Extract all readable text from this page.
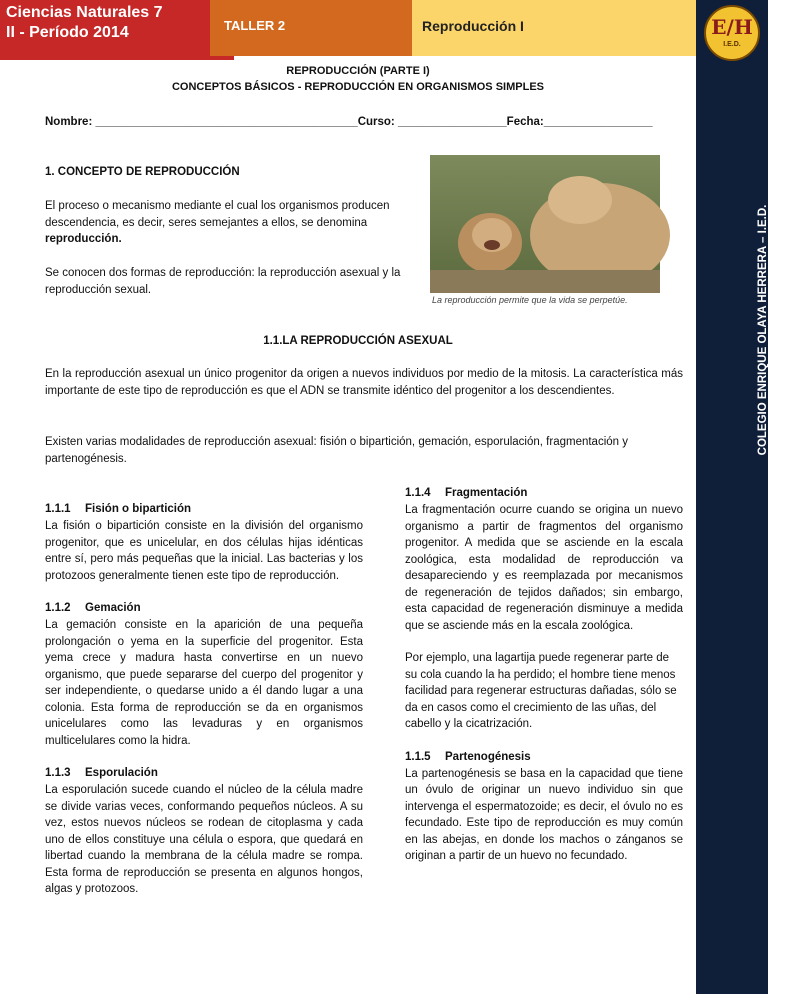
Ciencias Naturales 7
II - Período 2014	TALLER 2	Reproducción I	E/H
I.E.D.
COLEGIO ENRIQUE OLAYA HERRERA – I.E.D. ÁREA DE CIENCIAS NATURALES – JORNADA DE LA MAÑANA Docente: Ricardo Rodríguez Salamanca
REPRODUCCIÓN (PARTE I)
CONCEPTOS BÁSICOS - REPRODUCCIÓN EN ORGANISMOS SIMPLES
Nombre: _________________________________________Curso: _________________Fecha:_________________
1. CONCEPTO DE REPRODUCCIÓN
El proceso o mecanismo mediante el cual los organismos producen descendencia, es decir, seres semejantes a ellos, se denomina reproducción.
Se conocen dos formas de reproducción: la reproducción asexual y la reproducción sexual.
La reproducción permite que la vida se perpetúe.
1.1.LA REPRODUCCIÓN ASEXUAL
En la reproducción asexual un único progenitor da origen a nuevos individuos por medio de la mitosis. La característica más importante de este tipo de reproducción es que el ADN se transmite idéntico del progenitor a los descendientes.
Existen varias modalidades de reproducción asexual: fisión o bipartición, gemación, esporulación, fragmentación y partenogénesis.
1.1.1 Fisión o bipartición

La fisión o bipartición consiste en la división del organismo progenitor, que es unicelular, en dos células hijas idénticas entre sí, pero más pequeñas que la inicial. Las bacterias y los protozoos generalmente tienen este tipo de reproducción.

1.1.2 Gemación

La gemación consiste en la aparición de una pequeña prolongación o yema en la superficie del progenitor. Esta yema crece y madura hasta convertirse en un nuevo organismo, que puede separarse del cuerpo del progenitor y ser independiente, o quedarse unido a él dando lugar a una colonia. Esta forma de reproducción se da en organismos unicelulares como las levaduras y en organismos multicelulares como la hidra.

1.1.3 Esporulación

La esporulación sucede cuando el núcleo de la célula madre se divide varias veces, conformando pequeños núcleos. A su vez, estos nuevos núcleos se rodean de citoplasma y cada uno de ellos constituye una célula o espora, que quedará en libertad cuando la membrana de la célula madre se rompa. Esta forma de reproducción se presenta en algunos hongos, algas y protozoos.

1.1.4 Fragmentación

La fragmentación ocurre cuando se origina un nuevo organismo a partir de fragmentos del organismo progenitor. A medida que se asciende en la escala zoológica, esta modalidad de reproducción va desapareciendo y es reemplazada por mecanismos de regeneración de tejidos dañados; sin embargo, esta capacidad de regeneración disminuye a medida que se asciende más en la escala zoológica.

Por ejemplo, una lagartija puede regenerar parte de su cola cuando la ha perdido; el hombre tiene menos facilidad para regenerar estructuras dañadas, sólo se da en casos como el crecimiento de las uñas, del cabello y la cicatrización.

1.1.5 Partenogénesis

La partenogénesis se basa en la capacidad que tiene un óvulo de originar un nuevo individuo sin que intervenga el espermatozoide; es decir, el óvulo no es fecundado. Este tipo de reproducción es muy común en las abejas, en donde los machos o zánganos se originan a partir de un huevo no fecundado.
